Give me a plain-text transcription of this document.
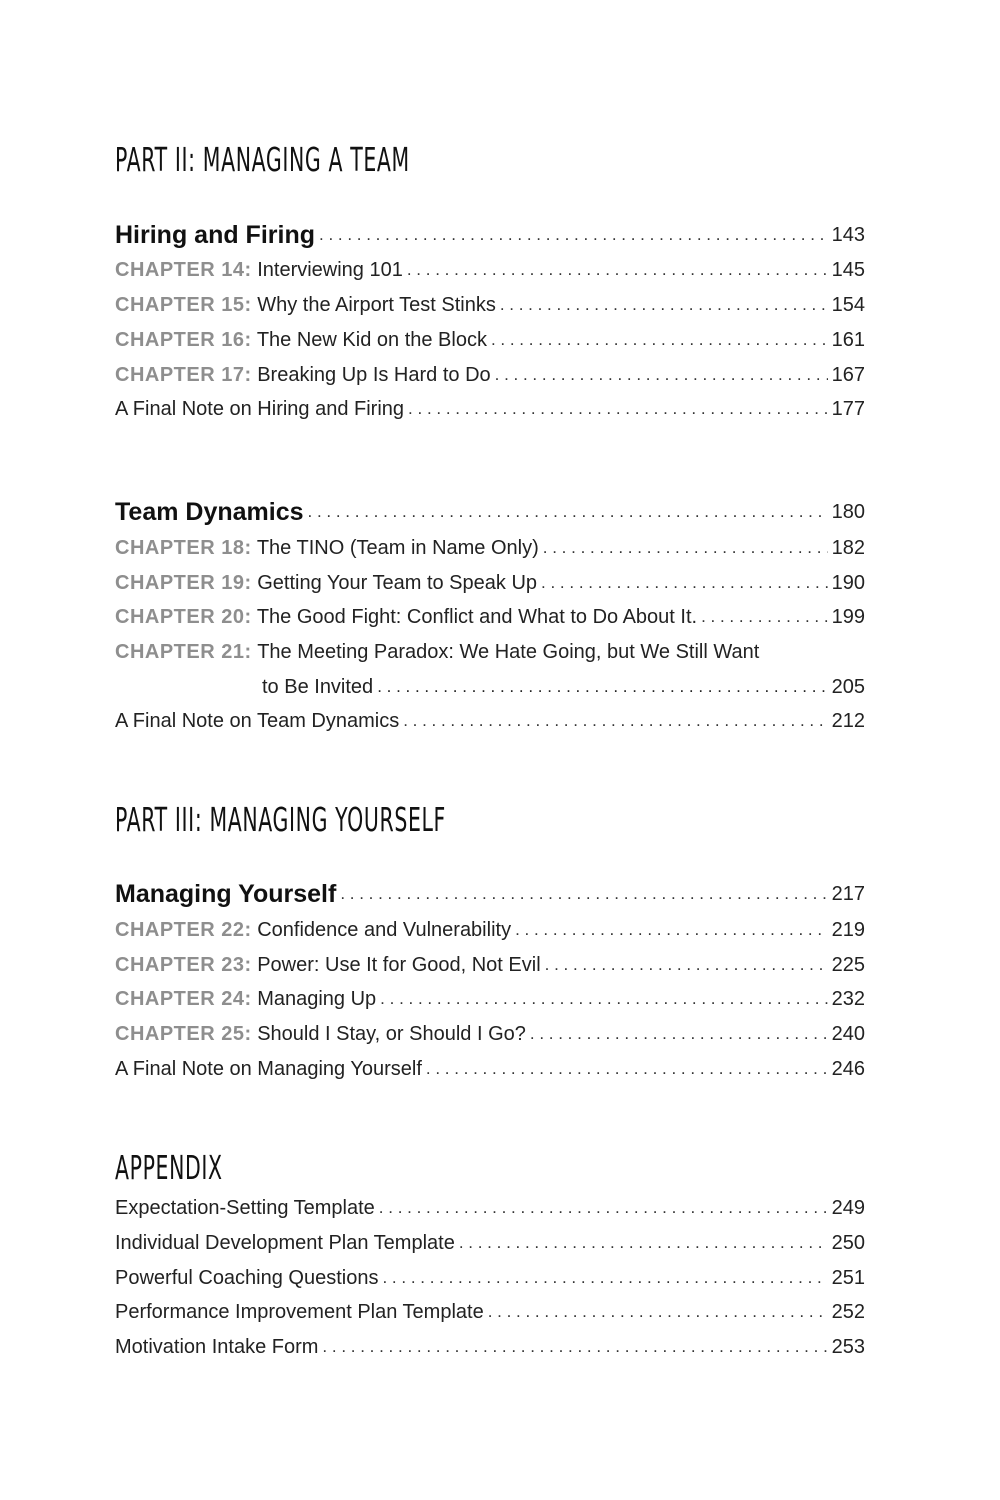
PART II: MANAGING A TEAM
Hiring and Firing . . .	143
CHAPTER 14: Interviewing 101 . . .	145
CHAPTER 15: Why the Airport Test Stinks . . .	154
CHAPTER 16: The New Kid on the Block . . .	161
CHAPTER 17: Breaking Up Is Hard to Do . . .	167
A Final Note on Hiring and Firing . . .	177
Team Dynamics . . .	180
CHAPTER 18: The TINO (Team in Name Only) . . .	182
CHAPTER 19: Getting Your Team to Speak Up . . .	190
CHAPTER 20: The Good Fight: Conflict and What to Do About It. . . .	199
CHAPTER 21:
The Meeting Paradox: We Hate Going, but We Still Want
to Be Invited . . .	205
A Final Note on Team Dynamics . . .	212
PART III: MANAGING YOURSELF
Managing Yourself . . .	217
CHAPTER 22: Confidence and Vulnerability . . .	219
CHAPTER 23: Power: Use It for Good, Not Evil . . .	225
CHAPTER 24: Managing Up . . .	232
CHAPTER 25: Should I Stay, or Should I Go? . . .	240
A Final Note on Managing Yourself . . .	246
APPENDIX
Expectation-Setting Template . . .	249
Individual Development Plan Template . . .	250
Powerful Coaching Questions . . .	251
Performance Improvement Plan Template . . .	252
Motivation Intake Form . . .	253
